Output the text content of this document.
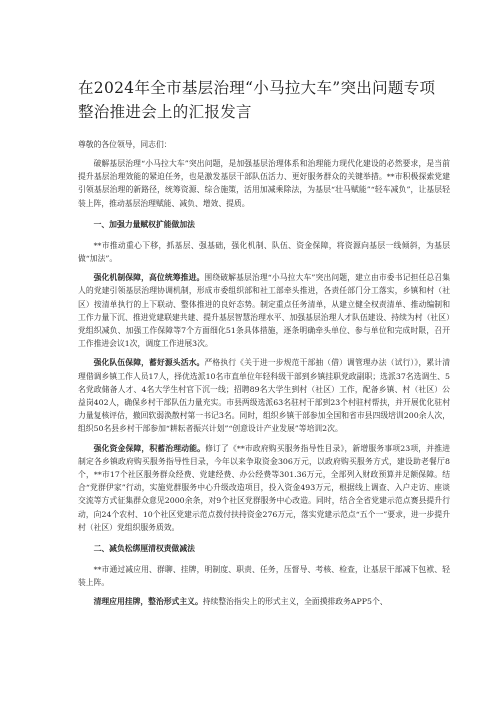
在2024年全市基层治理“小马拉大车”突出问题专项整治推进会上的汇报发言
尊敬的各位领导，同志们：

破解基层治理“小马拉大车”突出问题，是加强基层治理体系和治理能力现代化建设的必然要求，是当前提升基层治理效能的紧迫任务，也是激发基层干部队伍活力、更好服务群众的关键举措。**市积极探索党建引领基层治理的新路径，统筹资源、综合施策，活用加减乘除法，为基层“壮马赋能”“轻车减负”，让基层轻装上阵，推动基层治理赋能、减负、增效、提质。

一、加强力量赋权扩能做加法

**市推动重心下移，抓基层、强基础，强化机制、队伍、资金保障，将资源向基层一线倾斜，为基层做“加法”。

强化机制保障，高位统筹推进。围绕破解基层治理“小马拉大车”突出问题，建立由市委书记担任总召集人的党建引领基层治理协调机制，形成市委组织部和社工部牵头推进，各责任部门分工落实，乡镇和村（社区）按清单执行的上下联动、整体推进的良好态势。制定重点任务清单，从建立健全权责清单、推动编制和工作力量下沉、推进党建联建共建、提升基层智慧治理水平、加强基层治理人才队伍建设、持续为村（社区）党组织减负、加强工作保障等7个方面细化51条具体措施，逐条明确牵头单位、参与单位和完成时限，召开工作推进会议1次，调度工作进展3次。

强化队伍保障，蓄好源头活水。严格执行《关于进一步规范干部抽（借）调管理办法（试行）》，累计清理借调乡镇工作人员17人，择优选派10名市直单位年轻科级干部到乡镇挂职党政副职；选派37名选调生、5名党政储备人才、4名大学生村官下沉一线；招聘89名大学生到村（社区）工作，配备乡镇、村（社区）公益岗402人，确保乡村干部队伍力量充实。市县两级选派63名驻村干部到23个村驻村帮扶，并开展优化驻村力量复核评估，撤回软弱涣散村第一书记3名。同时，组织乡镇干部参加全国和省市县四级培训200余人次，组织50名县乡村干部参加“耕耘者振兴计划”“创意设计产业发展”等培训2次。

强化资金保障，积蓄治理动能。修订了《**市政府购买服务指导性目录》，新增服务事项23项，并推进制定各乡镇政府购买服务指导性目录，今年以来争取资金306万元，以政府购买服务方式，建设助老餐厅8个，**市17个社区服务群众经费、党建经费、办公经费等301.36万元，全部列入财政预算并足额保障。结合“党群伊家”行动，实施党群服务中心升级改造项目，投入资金493万元，根据线上调查、入户走访、座谈交流等方式征集群众意见2000余条，对9个社区党群服务中心改造。同时，结合全省党建示范点赛县提升行动，向24个农村、10个社区党建示范点拨付扶持资金276万元，落实党建示范点“五个一”要求，进一步提升村（社区）党组织服务质效。

二、减负松绑厘清权责做减法

**市通过减应用、群聊、挂牌，明制度、职责、任务，压督导、考核、检查，让基层干部减下包袱、轻装上阵。

清理应用挂牌，整治形式主义。持续整治指尖上的形式主义，全面摸排政务APP5个、
